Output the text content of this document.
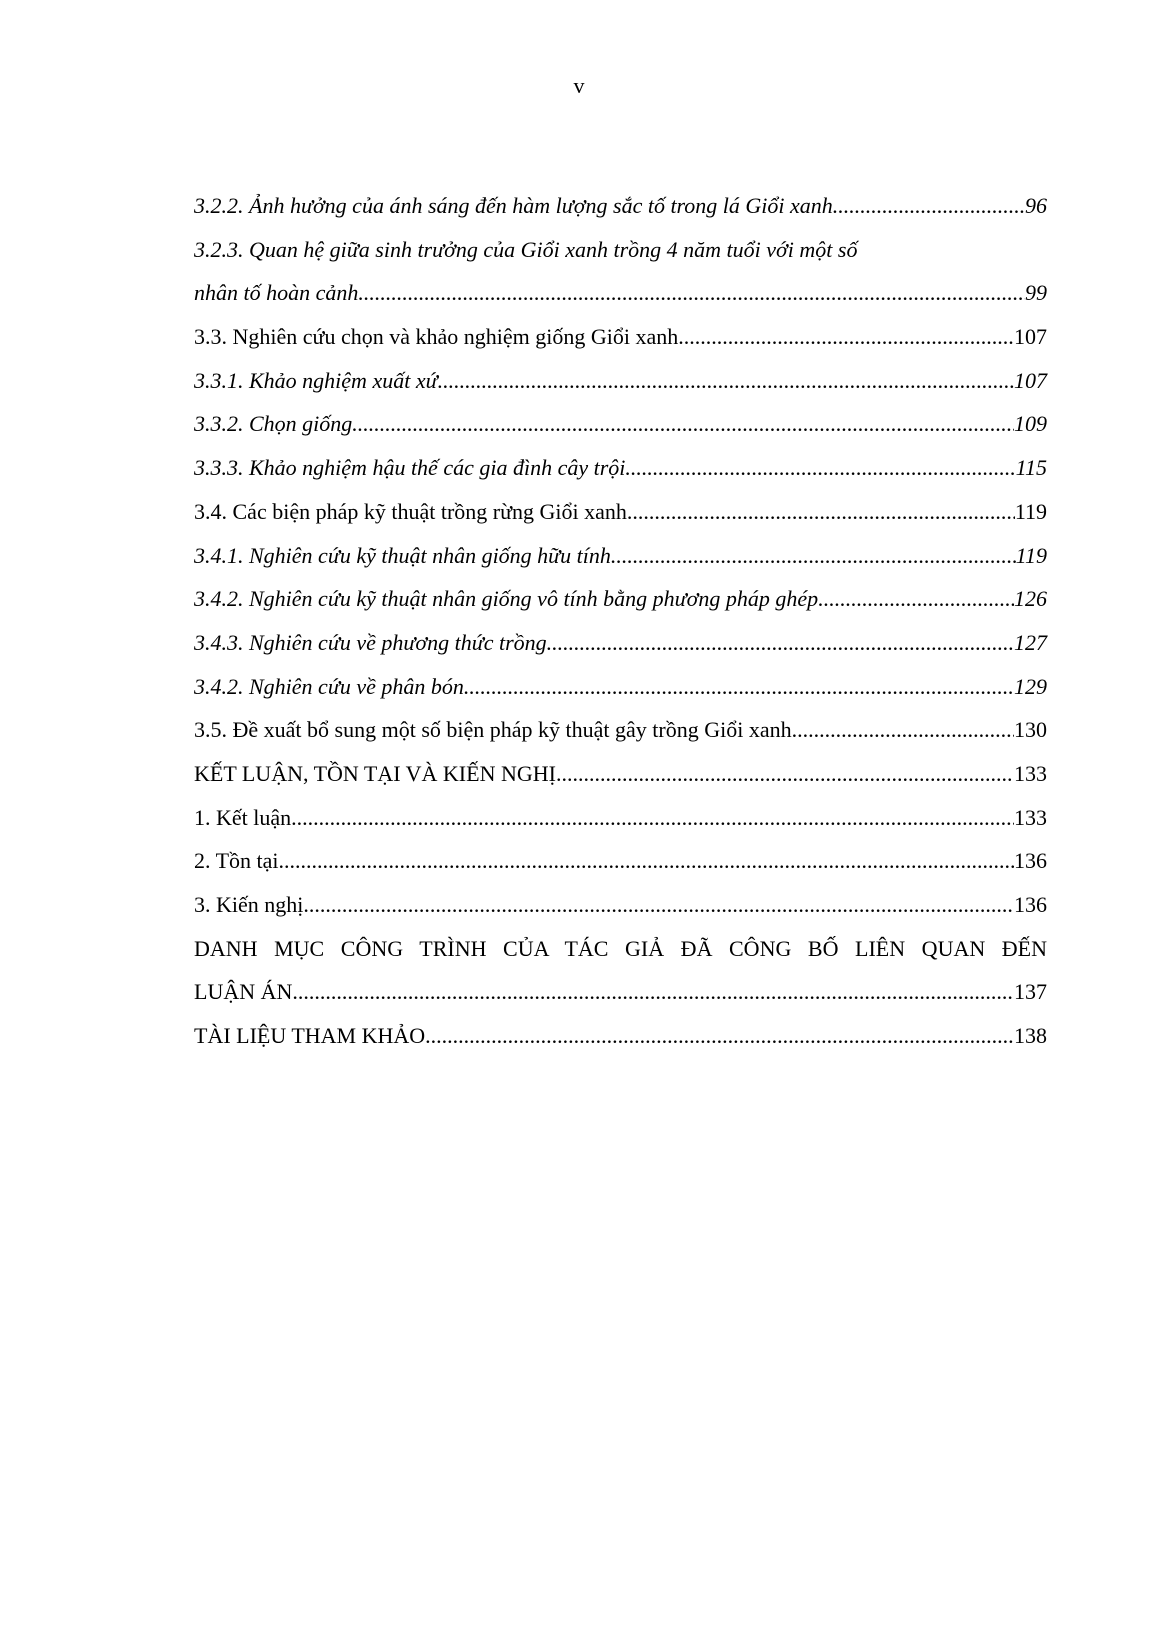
v
3.2.2. Ảnh hưởng của ánh sáng đến hàm lượng sắc tố trong lá Giổi xanh .....	96
3.2.3. Quan hệ giữa sinh trưởng của Giổi xanh trồng 4 năm tuổi với một số
nhân tố hoàn cảnh .....	99
3.3. Nghiên cứu chọn và khảo nghiệm giống Giổi xanh .....	107
3.3.1. Khảo nghiệm xuất xứ .....	107
3.3.2. Chọn giống .....	109
3.3.3. Khảo nghiệm hậu thế các gia đình cây trội .....	115
3.4. Các biện pháp kỹ thuật trồng rừng Giổi xanh .....	119
3.4.1. Nghiên cứu kỹ thuật nhân giống hữu tính .....	119
3.4.2. Nghiên cứu kỹ thuật nhân giống vô tính bằng phương pháp ghép .....	126
3.4.3. Nghiên cứu về phương thức trồng .....	127
3.4.2. Nghiên cứu về phân bón .....	129
3.5. Đề xuất bổ sung một số biện pháp kỹ thuật gây trồng Giổi xanh .....	130
KẾT LUẬN, TỒN TẠI VÀ KIẾN NGHỊ .....	133
1. Kết luận .....	133
2. Tồn tại .....	136
3. Kiến nghị .....	136
DANH MỤC CÔNG TRÌNH CỦA TÁC GIẢ ĐÃ CÔNG BỐ LIÊN QUAN ĐẾN
LUẬN ÁN .....	137
TÀI LIỆU THAM KHẢO .....	138
